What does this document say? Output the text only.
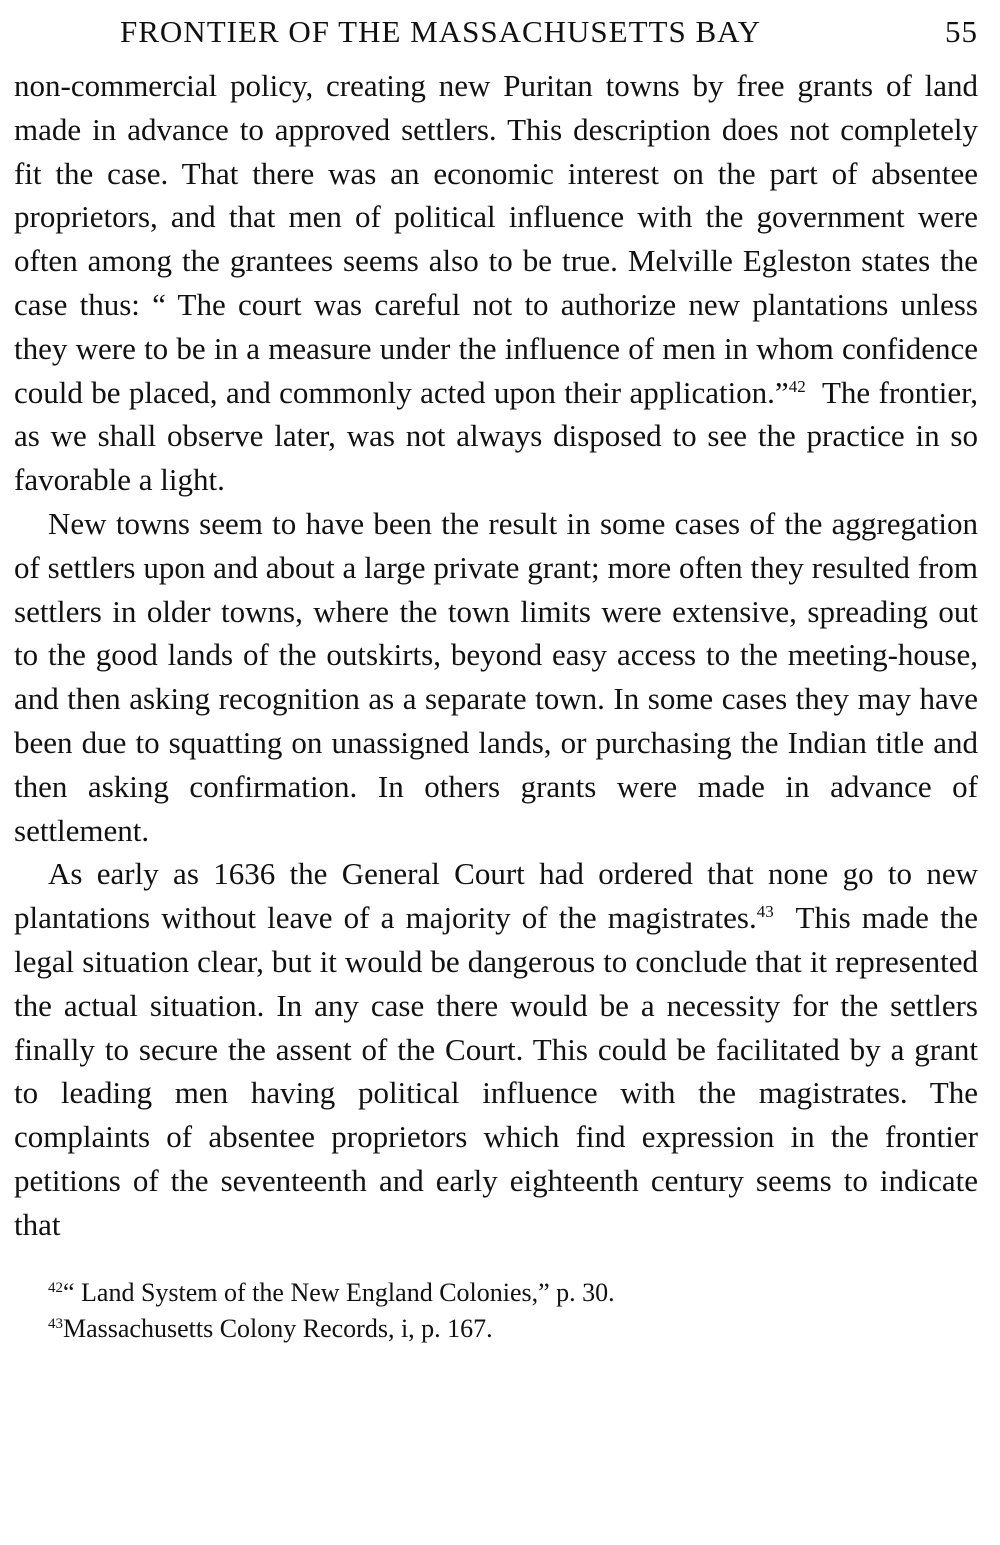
FRONTIER OF THE MASSACHUSETTS BAY	55

non-commercial policy, creating new Puritan towns by free grants of land made in advance to approved settlers. This description does not completely fit the case. That there was an economic interest on the part of absentee proprietors, and that men of political influence with the government were often among the grantees seems also to be true. Melville Egleston states the case thus: “ The court was careful not to authorize new plantations unless they were to be in a measure under the influence of men in whom confidence could be placed, and commonly acted upon their application.”$^{42}$ The frontier, as we shall observe later, was not always disposed to see the practice in so favorable a light.

New towns seem to have been the result in some cases of the aggregation of settlers upon and about a large private grant; more often they resulted from settlers in older towns, where the town limits were extensive, spreading out to the good lands of the outskirts, beyond easy access to the meeting-house, and then asking recognition as a separate town. In some cases they may have been due to squatting on unassigned lands, or purchasing the Indian title and then asking confirmation. In others grants were made in advance of settlement.

As early as 1636 the General Court had ordered that none go to new plantations without leave of a majority of the magistrates.$^{43}$ This made the legal situation clear, but it would be dangerous to conclude that it represented the actual situation. In any case there would be a necessity for the settlers finally to secure the assent of the Court. This could be facilitated by a grant to leading men having political influence with the magistrates. The complaints of absentee proprietors which find expression in the frontier petitions of the seventeenth and early eighteenth century seems to indicate that

$^{42}$“ Land System of the New England Colonies,” p. 30.
$^{43}$Massachusetts Colony Records, i, p. 167.
